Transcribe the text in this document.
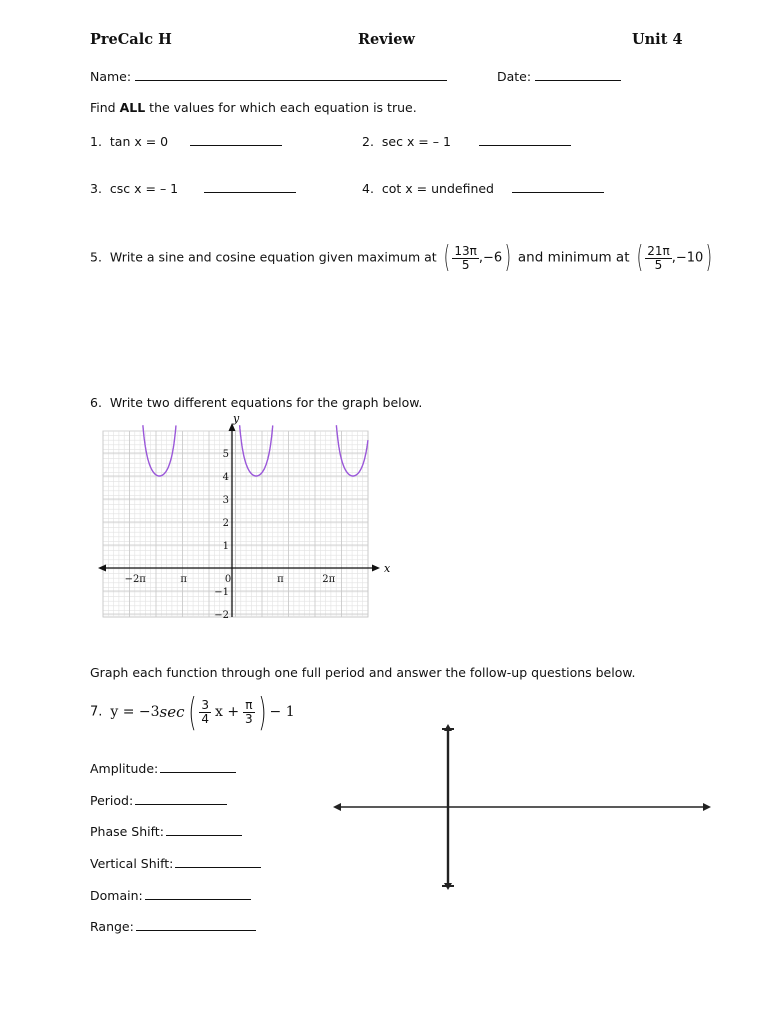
PreCalc H	Review	Unit 4
Name:	Date:
Find ALL the values for which each equation is true.
1. tan x = 0	2. sec x = – 1
3. csc x = – 1	4. cot x = undefined
5. Write a sine and cosine equation given maximum at ( $\frac{13\pi}{5} ,-6$) and minimum at ( $\frac{21\pi}{5} ,-10$)
6. Write two different equations for the graph below.
−2π	π	0	π	2π
5
4
3
2
1
−1
−2
x
y
Graph each function through one full period and answer the follow-up questions below.
7. $y = -3\sec( \frac{3}{4}$ $x + \frac{\pi}{3}$ ) − 1
Amplitude:
Period:
Phase Shift:
Vertical Shift:
Domain:
Range:
